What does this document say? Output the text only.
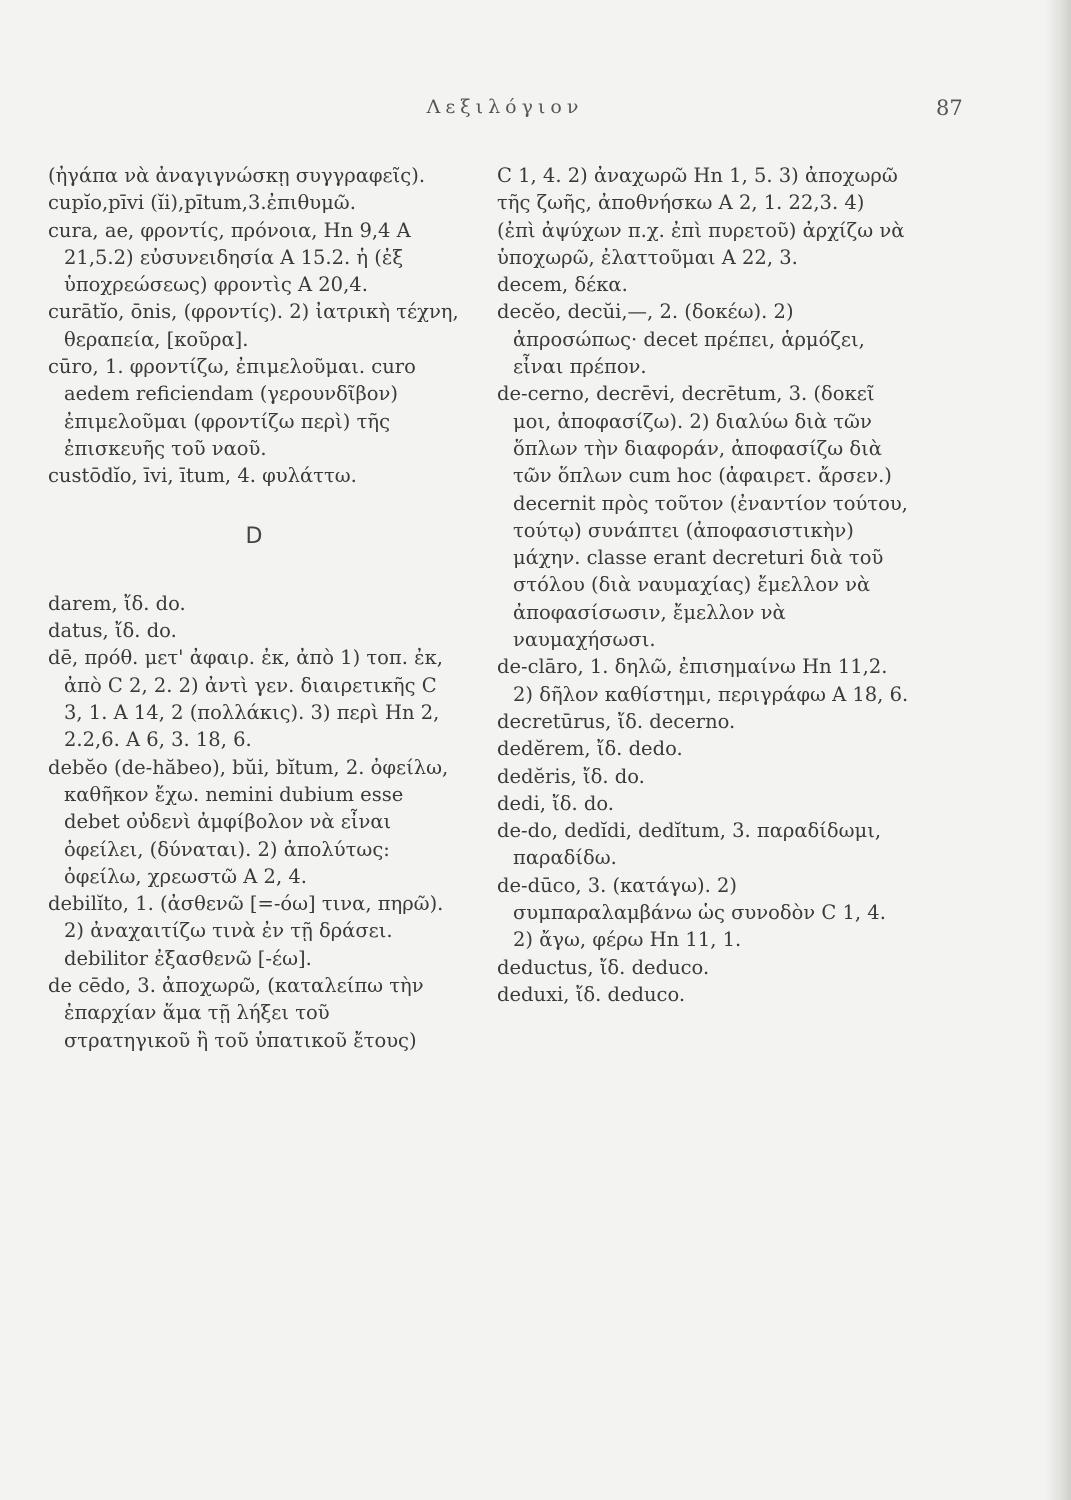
Λεξιλόγιον	87

(ἠγάπα νὰ ἀναγιγνώσκῃ συγγραφεῖς).

cupĭo,pīvi (ĭi),pītum,3.ἐπιθυμῶ.

cura, ae, φροντίς, πρόνοια, Hn 9,4 A 21,5.2) εὐσυνειδησία A 15.2. ἡ (ἐξ ὑποχρεώσεως) φροντὶς A 20,4.

curātĭo, ōnis, (φροντίς). 2) ἰατρικὴ τέχνη, θεραπεία, [κοῦρα].

cūro, 1. φροντίζω, ἐπιμελοῦμαι. curo aedem reficiendam (γερουνδῖβον) ἐπιμελοῦμαι (φροντίζω περὶ) τῆς ἐπισκευῆς τοῦ ναοῦ.

custōdĭo, īvi, ītum, 4. φυλάττω.

D

darem, ἴδ. do.

datus, ἴδ. do.

dē, πρόθ. μετ' ἀφαιρ. ἐκ, ἀπὸ 1) τοπ. ἐκ, ἀπὸ C 2, 2. 2) ἀντὶ γεν. διαιρετικῆς C 3, 1. A 14, 2 (πολλάκις). 3) περὶ Hn 2, 2.2,6. A 6, 3. 18, 6.

debĕo (de-hăbeo), bŭi, bĭtum, 2. ὀφείλω, καθῆκον ἔχω. nemini dubium esse debet οὐδενὶ ἀμφίβολον νὰ εἶναι ὀφείλει, (δύναται). 2) ἀπολύτως: ὀφείλω, χρεωστῶ A 2, 4.

debilĭto, 1. (ἀσθενῶ [=-όω] τινα, πηρῶ). 2) ἀναχαιτίζω τινὰ ἐν τῇ δράσει. debilitor ἐξασθενῶ [-έω].

de cēdo, 3. ἀποχωρῶ, (καταλείπω τὴν ἐπαρχίαν ἅμα τῇ λήξει τοῦ στρατηγικοῦ ἢ τοῦ ὑπατικοῦ ἔτους)

C 1, 4. 2) ἀναχωρῶ Hn 1, 5. 3) ἀποχωρῶ τῆς ζωῆς, ἀποθνήσκω A 2, 1. 22,3. 4) (ἐπὶ ἀψύχων π.χ. ἐπὶ πυρετοῦ) ἀρχίζω νὰ ὑποχωρῶ, ἐλαττοῦμαι A 22, 3.

decem, δέκα.

decĕo, decŭi,—, 2. (δοκέω). 2) ἀπροσώπως· decet πρέπει, ἁρμόζει, εἶναι πρέπον.

de-cerno, decrēvi, decrētum, 3. (δοκεῖ μοι, ἀποφασίζω). 2) διαλύω διὰ τῶν ὅπλων τὴν διαφοράν, ἀποφασίζω διὰ τῶν ὅπλων cum hoc (ἀφαιρετ. ἄρσεν.) decernit πρὸς τοῦτον (ἐναντίον τούτου, τούτῳ) συνάπτει (ἀποφασιστικὴν) μάχην. classe erant decreturi διὰ τοῦ στόλου (διὰ ναυμαχίας) ἔμελλον νὰ ἀποφασίσωσιν, ἔμελλον νὰ ναυμαχήσωσι.

de-clāro, 1. δηλῶ, ἐπισημαίνω Hn 11,2. 2) δῆλον καθίστημι, περιγράφω A 18, 6.

decretūrus, ἴδ. decerno.

dedĕrem, ἴδ. dedo.

dedĕris, ἴδ. do.

dedi, ἴδ. do.

de-do, dedĭdi, dedĭtum, 3. παραδίδωμι, παραδίδω.

de-dūco, 3. (κατάγω). 2) συμπαραλαμβάνω ὡς συνοδὸν C 1, 4. 2) ἄγω, φέρω Hn 11, 1.

deductus, ἴδ. deduco.

deduxi, ἴδ. deduco.
